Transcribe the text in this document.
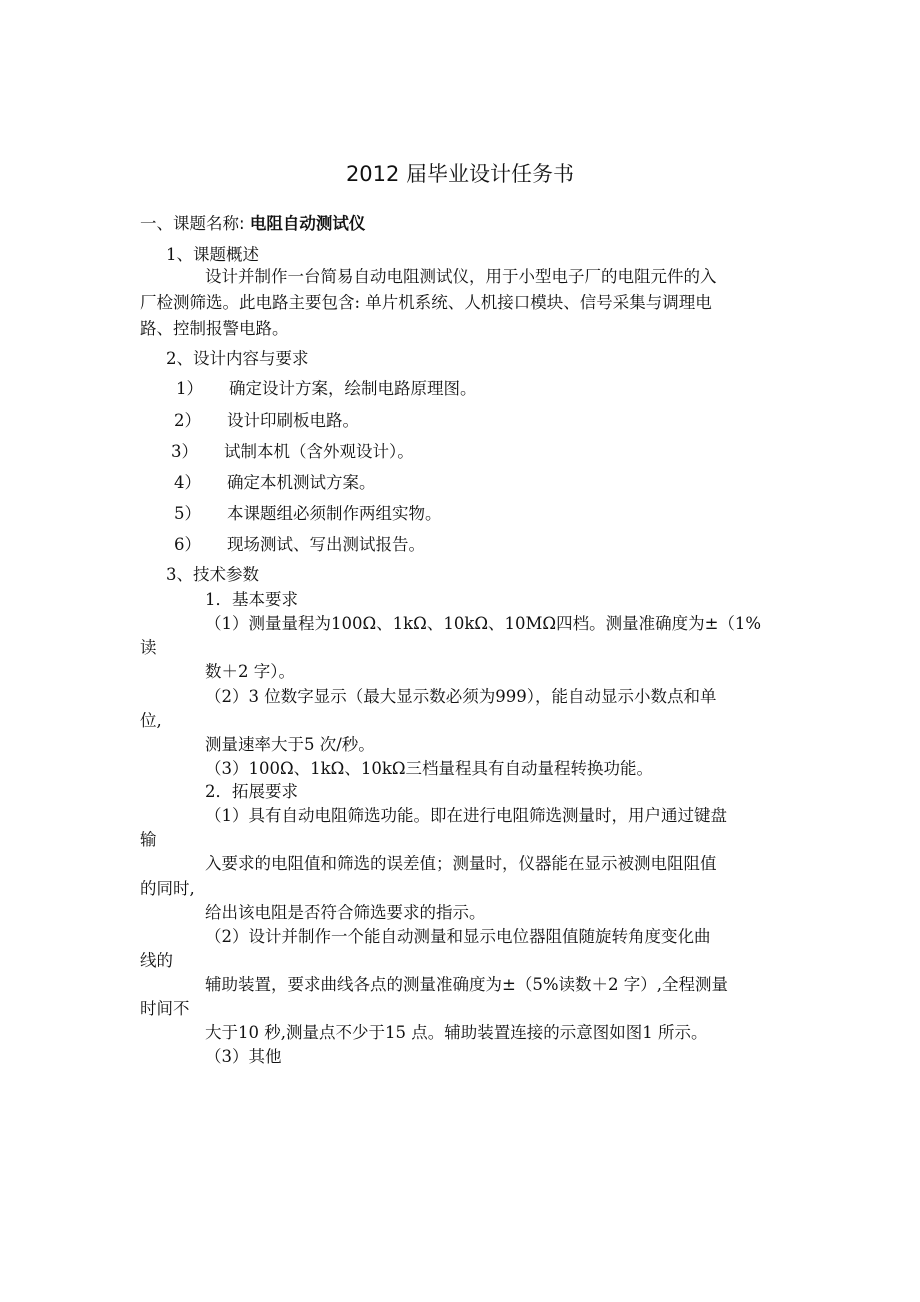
2012 届毕业设计任务书
一、课题名称: 电阻自动测试仪
1、课题概述
设计并制作一台简易自动电阻测试仪，用于小型电子厂的电阻元件的入
厂检测筛选。此电路主要包含: 单片机系统、人机接口模块、信号采集与调理电
路、控制报警电路。
2、设计内容与要求
1） 确定设计方案，绘制电路原理图。
2） 设计印刷板电路。
3） 试制本机（含外观设计）。
4） 确定本机测试方案。
5） 本课题组必须制作两组实物。
6） 现场测试、写出测试报告。
3、技术参数
1．基本要求
（1）测量量程为100Ω、1kΩ、10kΩ、10MΩ四档。测量准确度为±（1%
读
数＋2 字）。
（2）3 位数字显示（最大显示数必须为999），能自动显示小数点和单
位,
测量速率大于5 次/秒。
（3）100Ω、1kΩ、10kΩ三档量程具有自动量程转换功能。
2．拓展要求
（1）具有自动电阻筛选功能。即在进行电阻筛选测量时，用户通过键盘
输
入要求的电阻值和筛选的误差值；测量时，仪器能在显示被测电阻阻值
的同时,
给出该电阻是否符合筛选要求的指示。
（2）设计并制作一个能自动测量和显示电位器阻值随旋转角度变化曲
线的
辅助装置，要求曲线各点的测量准确度为±（5%读数＋2 字）,全程测量
时间不
大于10 秒,测量点不少于15 点。辅助装置连接的示意图如图1 所示。
（3）其他
